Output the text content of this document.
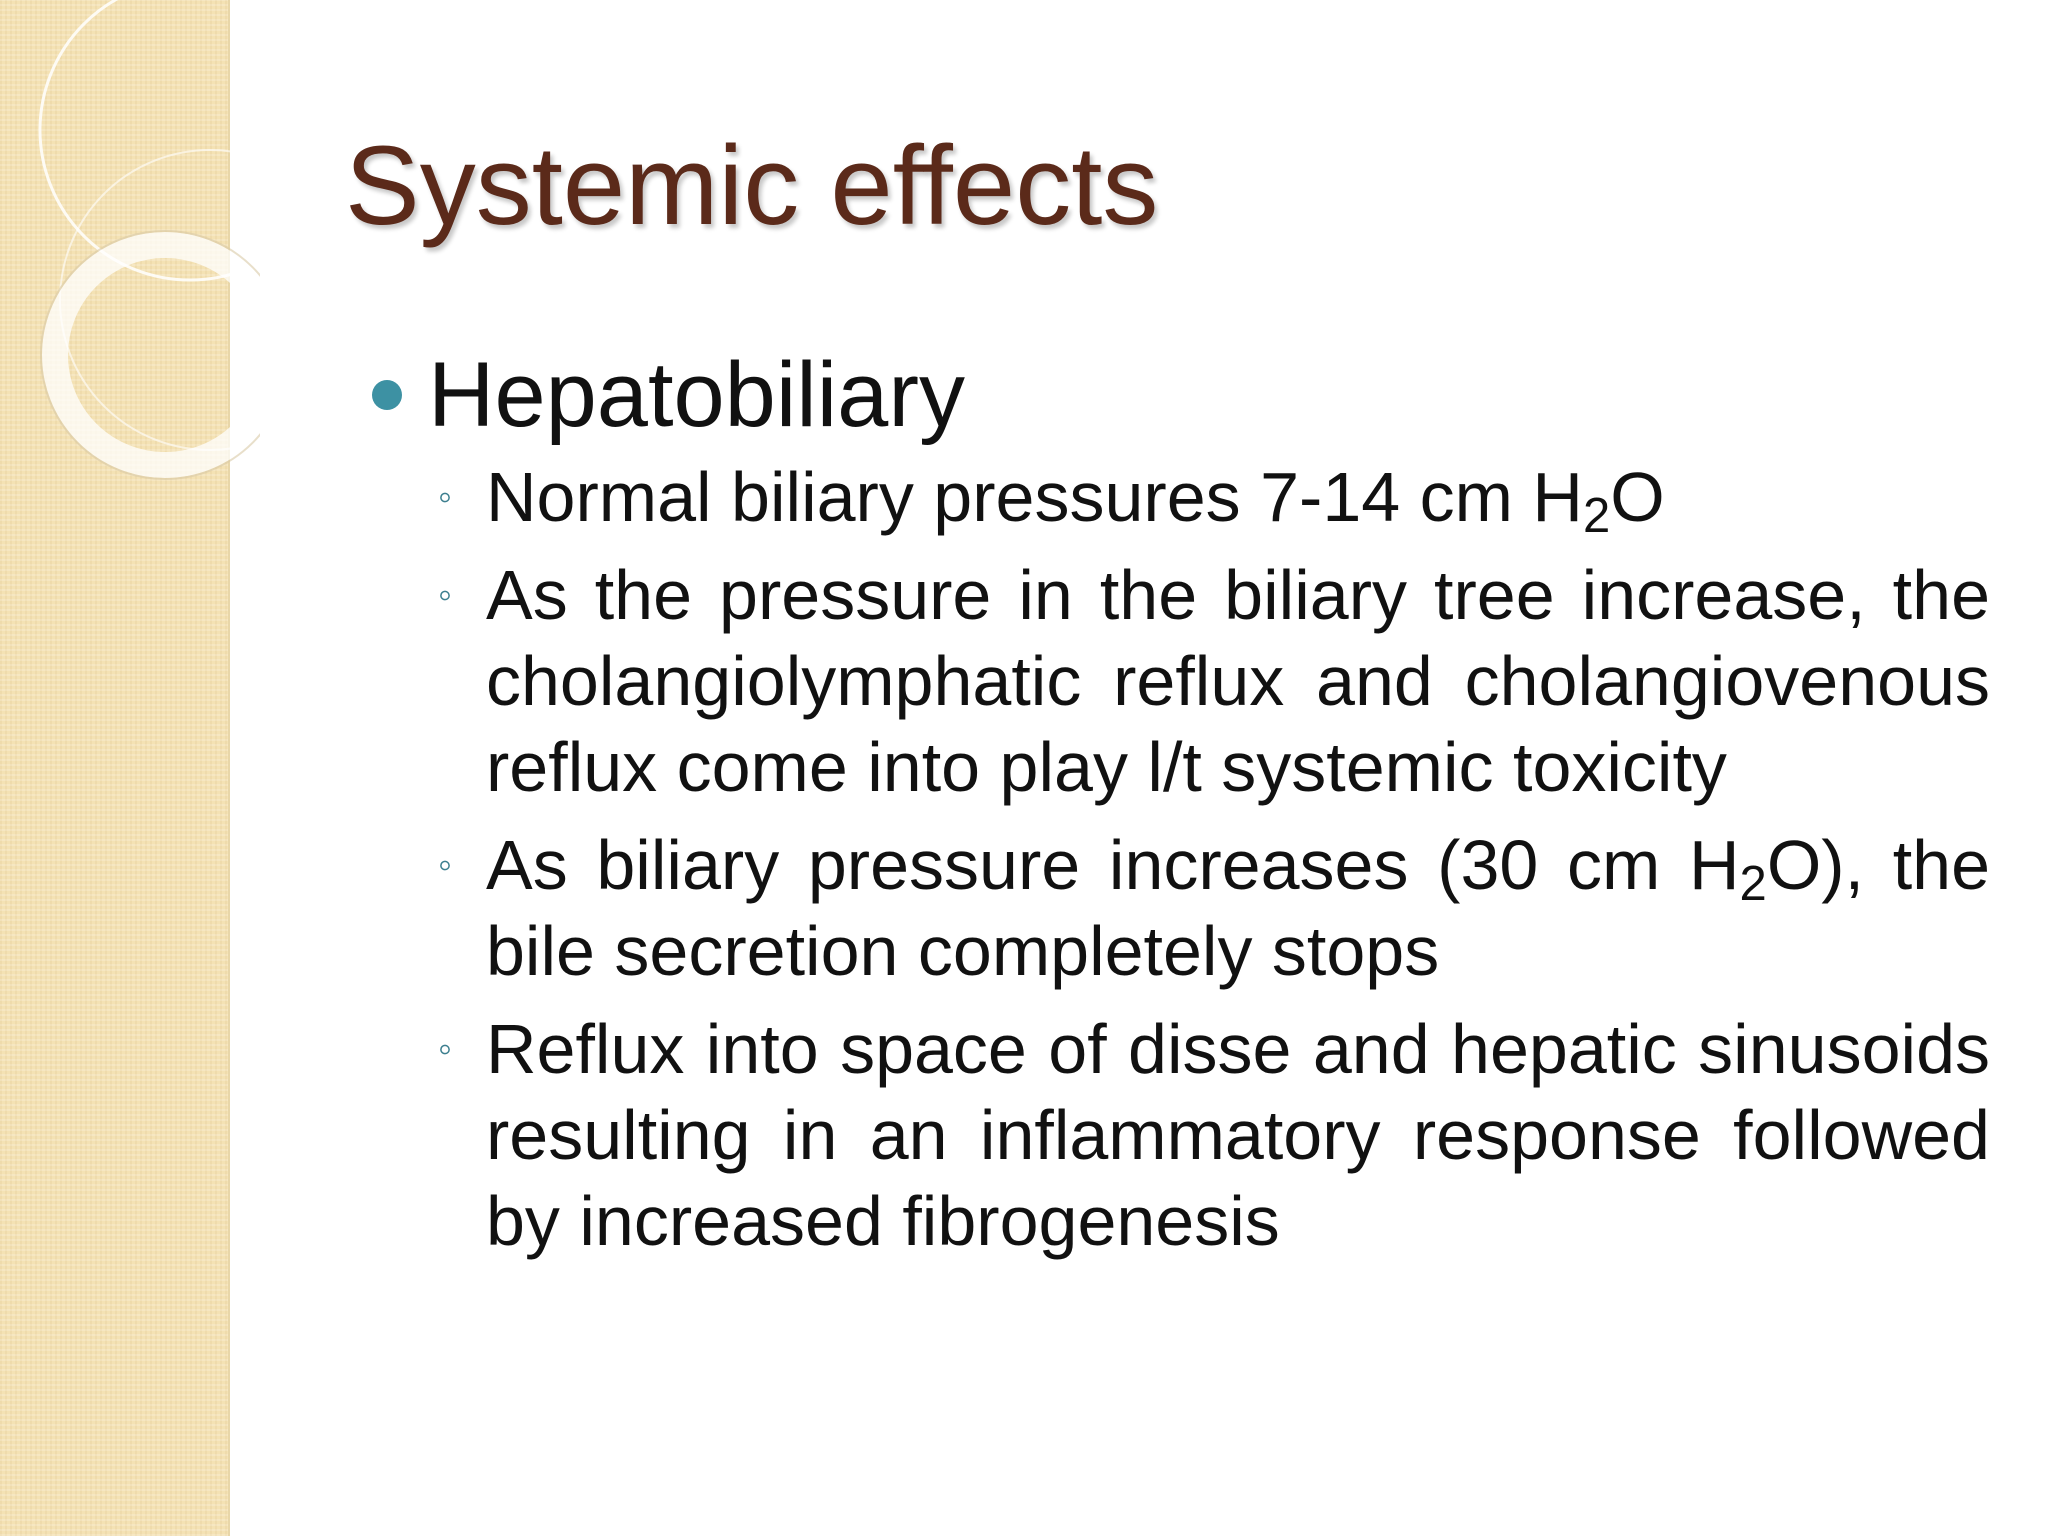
Systemic effects
Hepatobiliary
◦ Normal biliary pressures 7-14 cm $H_2O$
◦ As the pressure in the biliary tree increase, the cholangiolymphatic reflux and cholangiovenous reflux come into play l/t systemic toxicity
◦ As biliary pressure increases (30 cm $H_2O$), the bile secretion completely stops
◦ Reflux into space of disse and hepatic sinusoids resulting in an inflammatory response followed by increased fibrogenesis
